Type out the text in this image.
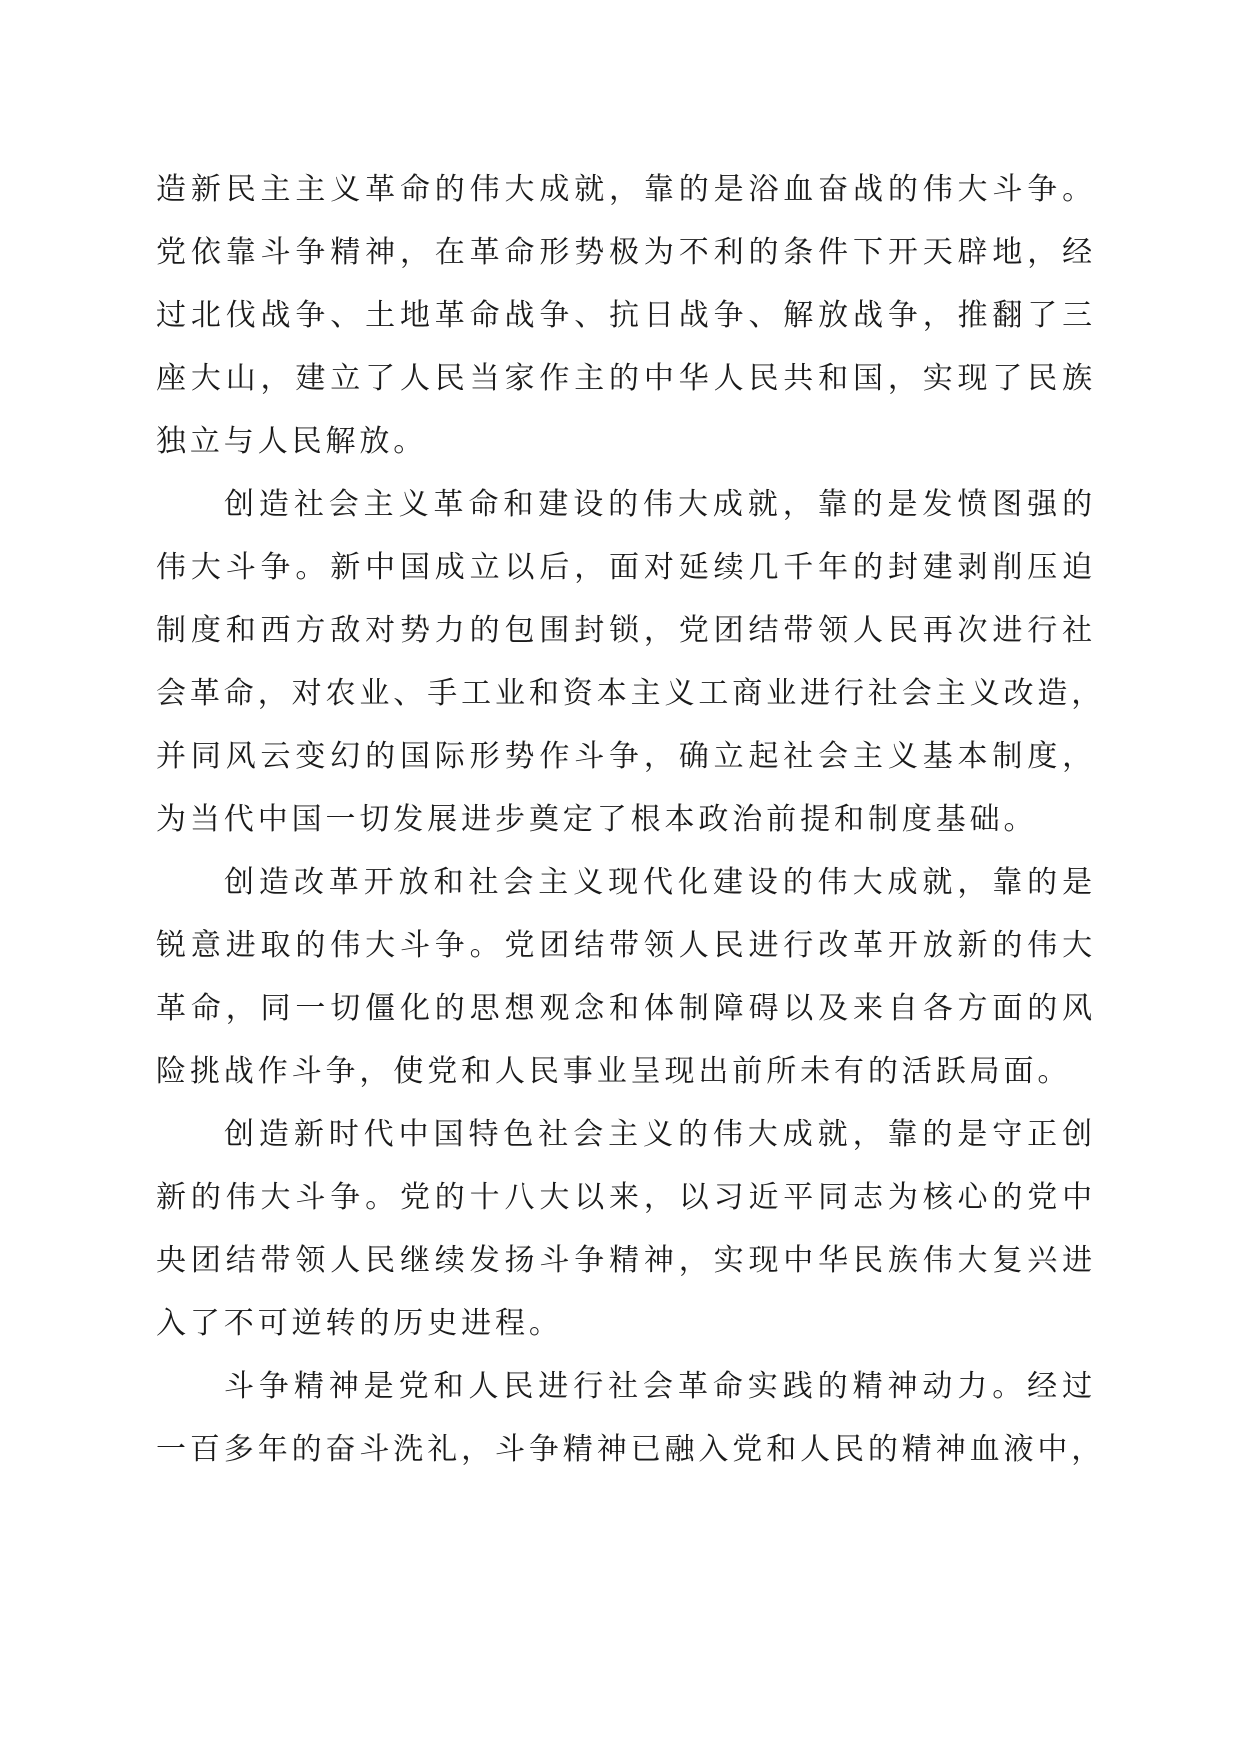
造新民主主义革命的伟大成就，靠的是浴血奋战的伟大斗争。
党依靠斗争精神，在革命形势极为不利的条件下开天辟地，经
过北伐战争、土地革命战争、抗日战争、解放战争，推翻了三
座大山，建立了人民当家作主的中华人民共和国，实现了民族
独立与人民解放。
创造社会主义革命和建设的伟大成就，靠的是发愤图强的
伟大斗争。新中国成立以后，面对延续几千年的封建剥削压迫
制度和西方敌对势力的包围封锁，党团结带领人民再次进行社
会革命，对农业、手工业和资本主义工商业进行社会主义改造，
并同风云变幻的国际形势作斗争，确立起社会主义基本制度，
为当代中国一切发展进步奠定了根本政治前提和制度基础。
创造改革开放和社会主义现代化建设的伟大成就，靠的是
锐意进取的伟大斗争。党团结带领人民进行改革开放新的伟大
革命，同一切僵化的思想观念和体制障碍以及来自各方面的风
险挑战作斗争，使党和人民事业呈现出前所未有的活跃局面。
创造新时代中国特色社会主义的伟大成就，靠的是守正创
新的伟大斗争。党的十八大以来，以习近平同志为核心的党中
央团结带领人民继续发扬斗争精神，实现中华民族伟大复兴进
入了不可逆转的历史进程。
斗争精神是党和人民进行社会革命实践的精神动力。经过
一百多年的奋斗洗礼，斗争精神已融入党和人民的精神血液中，
